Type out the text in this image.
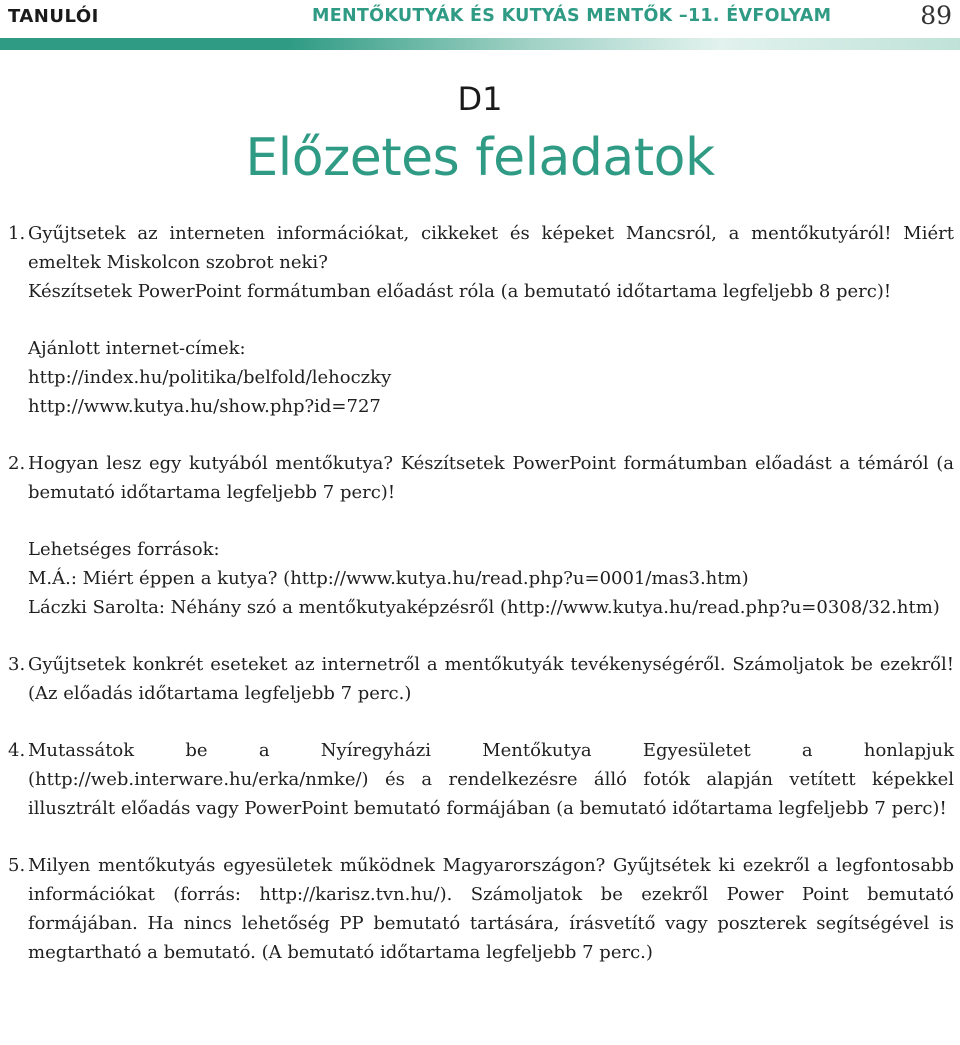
TANULÓI	MENTŐKUTYÁK ÉS KUTYÁS MENTŐK –11. ÉVFOLYAM	89
D1
Előzetes feladatok

1. Gyűjtsetek az interneten információkat, cikkeket és képeket Mancsról, a mentőkutyáról! Miért emeltek Miskolcon szobrot neki?

Készítsetek PowerPoint formátumban előadást róla (a bemutató időtartama legfeljebb 8 perc)!

Ajánlott internet-címek:

http://index.hu/politika/belfold/lehoczky

http://www.kutya.hu/show.php?id=727

2. Hogyan lesz egy kutyából mentőkutya? Készítsetek PowerPoint formátumban előadást a témáról (a bemutató időtartama legfeljebb 7 perc)!

Lehetséges források:

M.Á.: Miért éppen a kutya? (http://www.kutya.hu/read.php?u=0001/mas3.htm)

Láczki Sarolta: Néhány szó a mentőkutyaképzésről (http://www.kutya.hu/read.php?u=0308/32.htm)

3. Gyűjtsetek konkrét eseteket az internetről a mentőkutyák tevékenységéről. Számoljatok be ezekről! (Az előadás időtartama legfeljebb 7 perc.)

4. Mutassátok be a Nyíregyházi Mentőkutya Egyesületet a honlapjuk (http://web.interware.hu/erka/nmke/) és a rendelkezésre álló fotók alapján vetített képekkel illusztrált előadás vagy PowerPoint bemutató formájában (a bemutató időtartama legfeljebb 7 perc)!

5. Milyen mentőkutyás egyesületek működnek Magyarországon? Gyűjtsétek ki ezekről a legfontosabb információkat (forrás: http://karisz.tvn.hu/). Számoljatok be ezekről Power Point bemutató formájában. Ha nincs lehetőség PP bemutató tartására, írásvetítő vagy poszterek segítségével is megtartható a bemutató. (A bemutató időtartama legfeljebb 7 perc.)
